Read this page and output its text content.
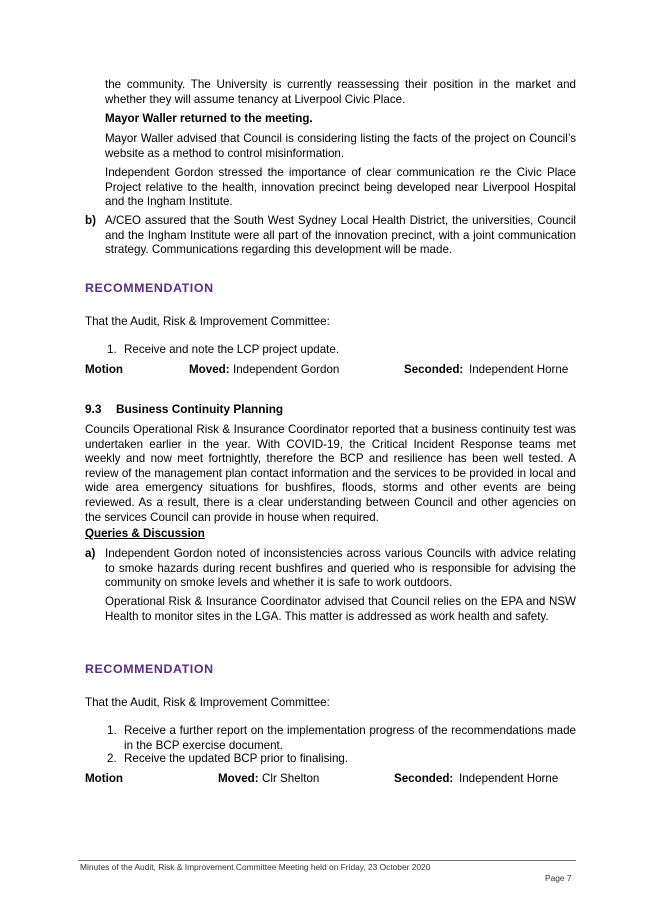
the community. The University is currently reassessing their position in the market and whether they will assume tenancy at Liverpool Civic Place.

Mayor Waller returned to the meeting.

Mayor Waller advised that Council is considering listing the facts of the project on Council’s website as a method to control misinformation.

Independent Gordon stressed the importance of clear communication re the Civic Place Project relative to the health, innovation precinct being developed near Liverpool Hospital and the Ingham Institute.

b) A/CEO assured that the South West Sydney Local Health District, the universities, Council and the Ingham Institute were all part of the innovation precinct, with a joint communication strategy. Communications regarding this development will be made.

RECOMMENDATION

That the Audit, Risk & Improvement Committee:

1. Receive and note the LCP project update.

Motion	Moved: Independent Gordon	Seconded: Independent Horne
9.3 Business Continuity Planning

Councils Operational Risk & Insurance Coordinator reported that a business continuity test was undertaken earlier in the year. With COVID-19, the Critical Incident Response teams met weekly and now meet fortnightly, therefore the BCP and resilience has been well tested. A review of the management plan contact information and the services to be provided in local and wide area emergency situations for bushfires, floods, storms and other events are being reviewed. As a result, there is a clear understanding between Council and other agencies on the services Council can provide in house when required.

Queries & Discussion
a) Independent Gordon noted of inconsistencies across various Councils with advice relating to smoke hazards during recent bushfires and queried who is responsible for advising the community on smoke levels and whether it is safe to work outdoors.

Operational Risk & Insurance Coordinator advised that Council relies on the EPA and NSW Health to monitor sites in the LGA. This matter is addressed as work health and safety.

RECOMMENDATION

That the Audit, Risk & Improvement Committee:

1. Receive a further report on the implementation progress of the recommendations made in the BCP exercise document.

2. Receive the updated BCP prior to finalising.

Motion	Moved: Clr Shelton	Seconded: Independent Horne
Minutes of the Audit, Risk & Improvement Committee Meeting held on Friday, 23 October 2020
Page 7
